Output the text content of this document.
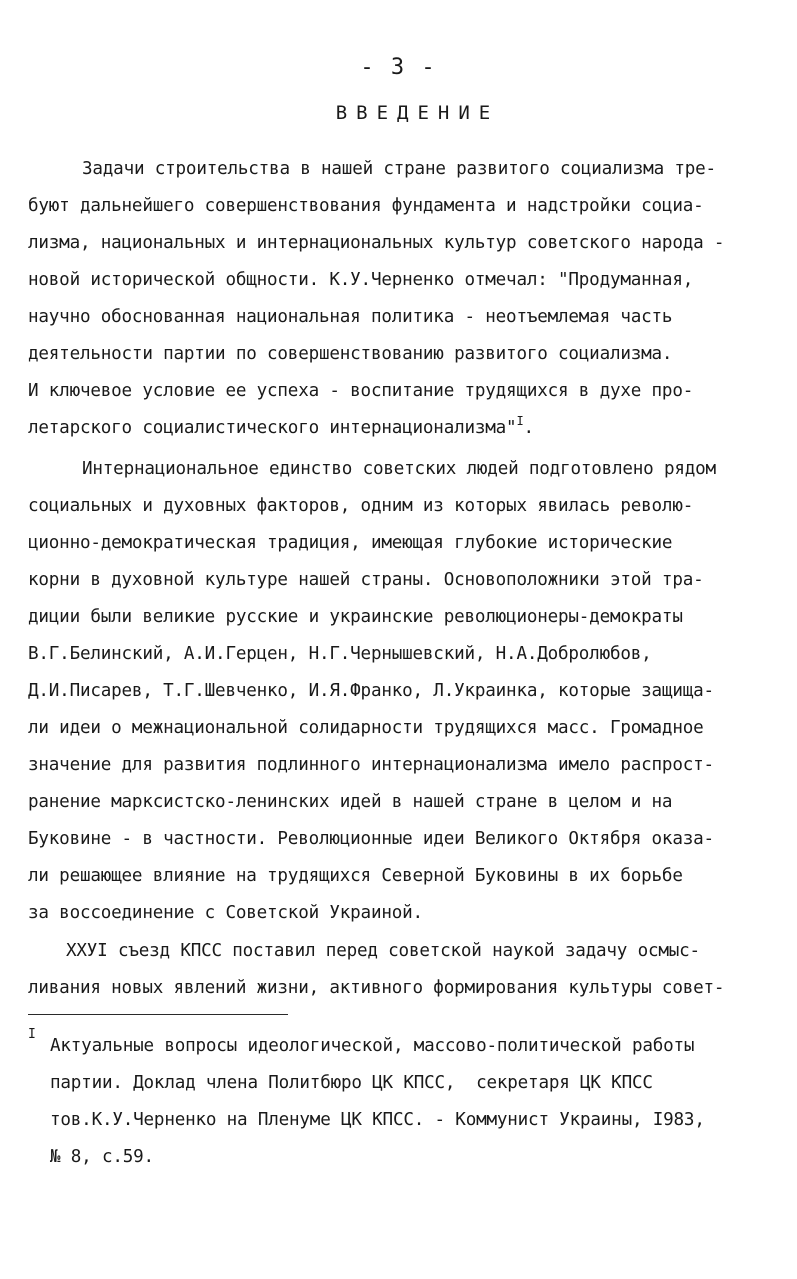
- 3 -
ВВЕДЕНИЕ
Задачи строительства в нашей стране развитого социализма тре-
буют дальнейшего совершенствования фундамента и надстройки социа-
лизма, национальных и интернациональных культур советского народа -
новой исторической общности. К.У.Черненко отмечал: "Продуманная,
научно обоснованная национальная политика - неотъемлемая часть
деятельности партии по совершенствованию развитого социализма.
И ключевое условие ее успеха - воспитание трудящихся в духе про-
летарского социалистического интернационализма"$^I$.
Интернациональное единство советских людей подготовлено рядом
социальных и духовных факторов, одним из которых явилась револю-
ционно-демократическая традиция, имеющая глубокие исторические
корни в духовной культуре нашей страны. Основоположники этой тра-
диции были великие русские и украинские революционеры-демократы
В.Г.Белинский, А.И.Герцен, Н.Г.Чернышевский, Н.А.Добролюбов,
Д.И.Писарев, Т.Г.Шевченко, И.Я.Франко, Л.Украинка, которые защища-
ли идеи о межнациональной солидарности трудящихся масс. Громадное
значение для развития подлинного интернационализма имело распрост-
ранение марксистско-ленинских идей в нашей стране в целом и на
Буковине - в частности. Революционные идеи Великого Октября оказа-
ли решающее влияние на трудящихся Северной Буковины в их борьбе
за воссоединение с Советской Украиной.
ХХУI съезд КПСС поставил перед советской наукой задачу осмыс-
ливания новых явлений жизни, активного формирования культуры совет-
I
Актуальные вопросы идеологической, массово-политической работы
партии. Доклад члена Политбюро ЦК КПСС,  секретаря ЦК КПСС
тов.К.У.Черненко на Пленуме ЦК КПСС. - Коммунист Украины, I983,
№ 8, с.59.
